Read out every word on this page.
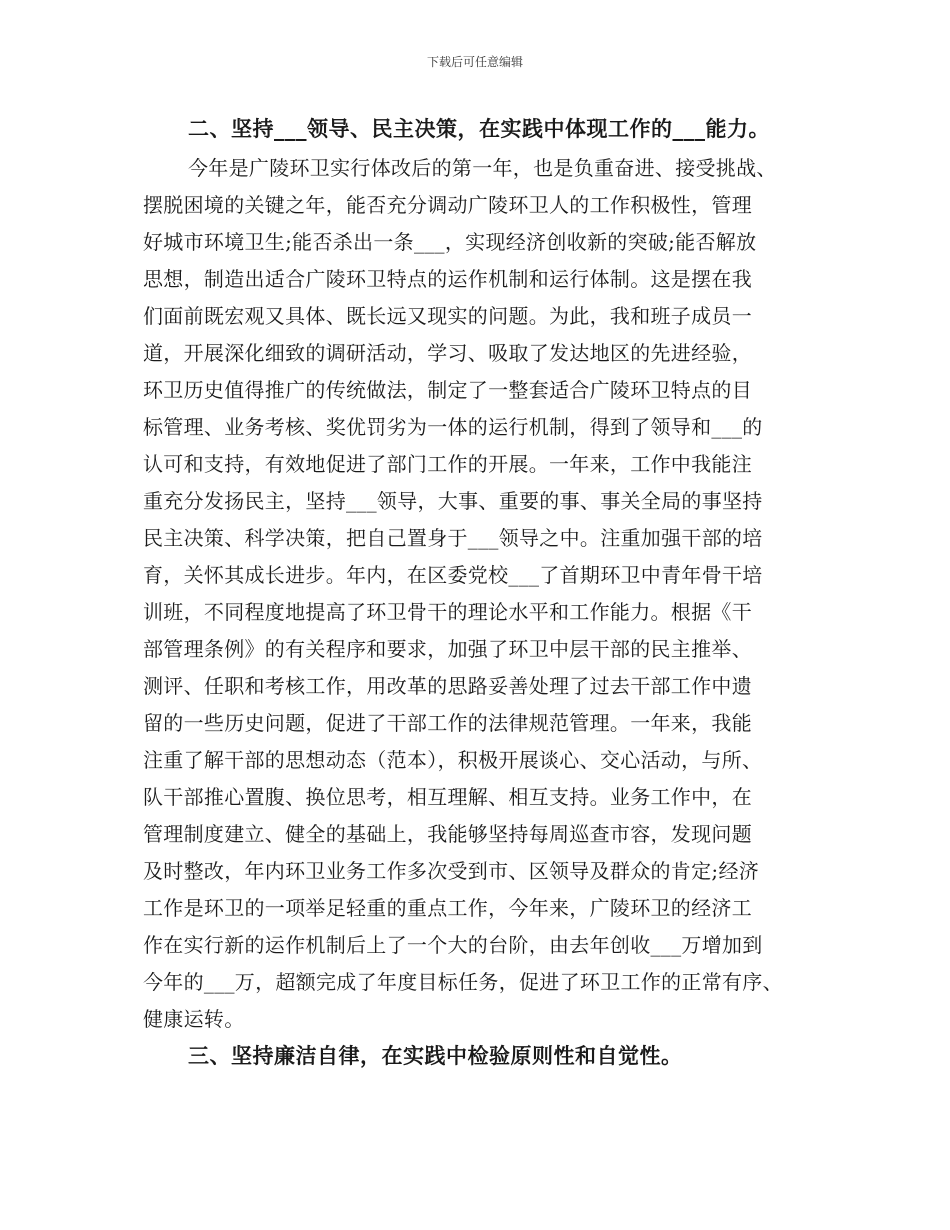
下载后可任意编辑
二、坚持___领导、民主决策，在实践中体现工作的___能力。
今年是广陵环卫实行体改后的第一年，也是负重奋进、接受挑战、
摆脱困境的关键之年，能否充分调动广陵环卫人的工作积极性，管理
好城市环境卫生;能否杀出一条___，实现经济创收新的突破;能否解放
思想，制造出适合广陵环卫特点的运作机制和运行体制。这是摆在我
们面前既宏观又具体、既长远又现实的问题。为此，我和班子成员一
道，开展深化细致的调研活动，学习、吸取了发达地区的先进经验，
环卫历史值得推广的传统做法，制定了一整套适合广陵环卫特点的目
标管理、业务考核、奖优罚劣为一体的运行机制，得到了领导和___的
认可和支持，有效地促进了部门工作的开展。一年来，工作中我能注
重充分发扬民主，坚持___领导，大事、重要的事、事关全局的事坚持
民主决策、科学决策，把自己置身于___领导之中。注重加强干部的培
育，关怀其成长进步。年内，在区委党校___了首期环卫中青年骨干培
训班，不同程度地提高了环卫骨干的理论水平和工作能力。根据《干
部管理条例》的有关程序和要求，加强了环卫中层干部的民主推举、
测评、任职和考核工作，用改革的思路妥善处理了过去干部工作中遗
留的一些历史问题，促进了干部工作的法律规范管理。一年来，我能
注重了解干部的思想动态（范本），积极开展谈心、交心活动，与所、
队干部推心置腹、换位思考，相互理解、相互支持。业务工作中，在
管理制度建立、健全的基础上，我能够坚持每周巡查市容，发现问题
及时整改，年内环卫业务工作多次受到市、区领导及群众的肯定;经济
工作是环卫的一项举足轻重的重点工作，今年来，广陵环卫的经济工
作在实行新的运作机制后上了一个大的台阶，由去年创收___万增加到
今年的___万，超额完成了年度目标任务，促进了环卫工作的正常有序、
健康运转。
三、坚持廉洁自律，在实践中检验原则性和自觉性。
